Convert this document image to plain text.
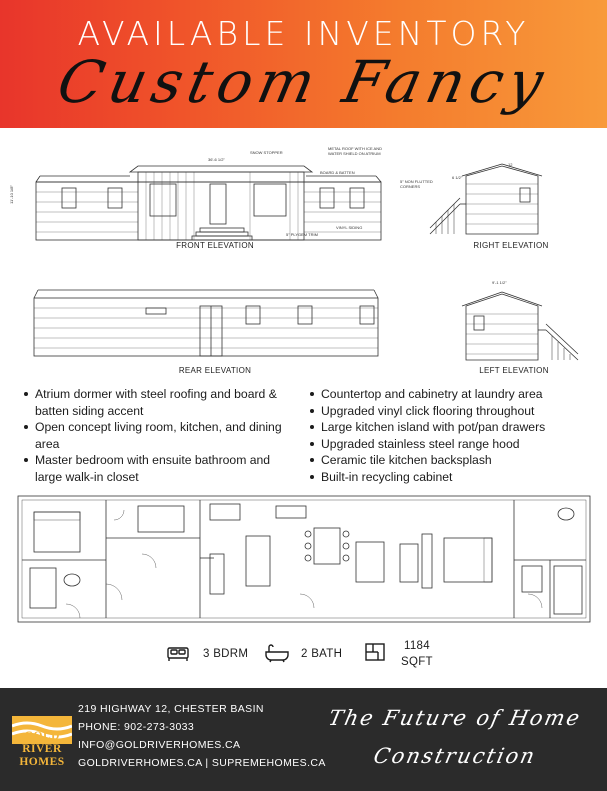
AVAILABLE INVENTORY
Custom Fancy
36'-6 1/2"
SNOW STOPPER
METAL ROOF WITH ICE AND
WATER SHIELD ON ATRIUM
BOARD & BATTEN
5" NON FLUTTED
CORNERS
VINYL SIDING
5" PLYGEM TRIM
11'-10 1/8"
FRONT ELEVATION
12
6 1/2"
RIGHT ELEVATION
REAR ELEVATION
9'-1 1/2"
LEFT ELEVATION
Atrium dormer with steel roofing and board & batten siding accent
Open concept living room, kitchen, and dining area
Master bedroom with ensuite bathroom and large walk-in closet
Countertop and cabinetry at laundry area
Upgraded vinyl click flooring throughout
Large kitchen island with pot/pan drawers
Upgraded stainless steel range hood
Ceramic tile kitchen backsplash
Built-in recycling cabinet
3 BDRM	2 BATH
1184
SQFT
GOLD
RIVER
HOMES
219 HIGHWAY 12, CHESTER BASIN
PHONE: 902-273-3033
INFO@GOLDRIVERHOMES.CA
GOLDRIVERHOMES.CA | SUPREMEHOMES.CA
The Future of Home
Construction
